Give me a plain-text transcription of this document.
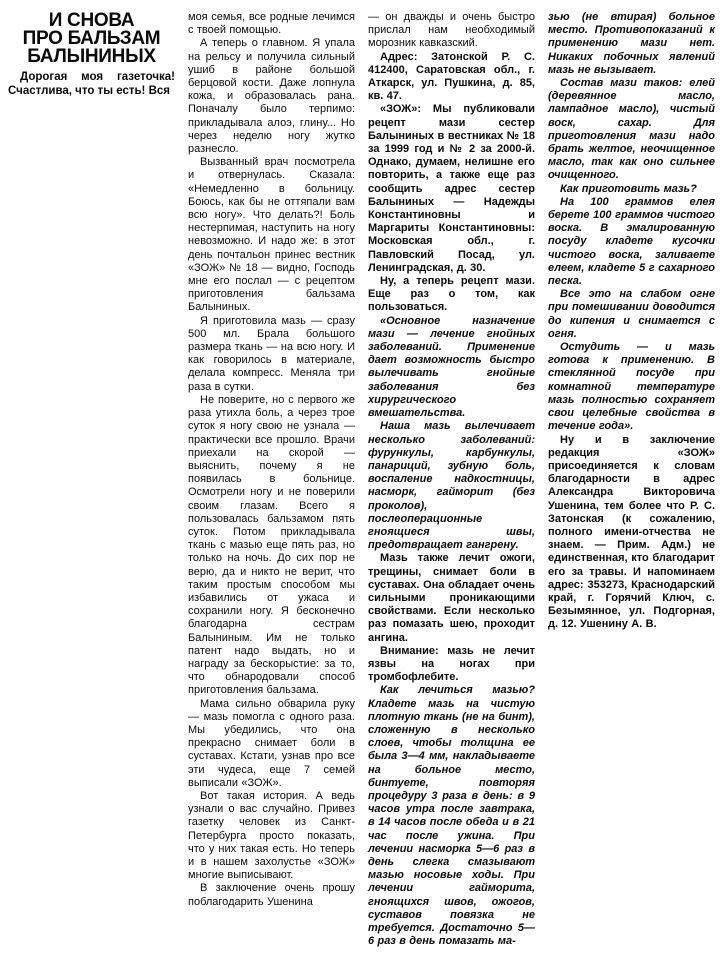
И СНОВА
ПРО БАЛЬЗАМ
БАЛЫНИНЫХ

Дорогая моя газеточка! Счастлива, что ты есть! Вся

моя семья, все родные лечимся с твоей помощью.

А теперь о главном. Я упала на рельсу и получила сильный ушиб в районе большой берцовой кости. Даже лопнула кожа, и образовалась рана. Поначалу было терпимо: прикладывала алоэ, глину... Но через неделю ногу жутко разнесло.

Вызванный врач посмотрела и отвернулась. Сказала: «Немедленно в больницу. Боюсь, как бы не оттяпали вам всю ногу». Что делать?! Боль нестерпимая, наступить на ногу невозможно. И надо же: в этот день почтальон принес вестник «ЗОЖ» № 18 — видно, Господь мне его послал — с рецептом приготовления бальзама Балыниных.

Я приготовила мазь — сразу 500 мл. Брала большого размера ткань — на всю ногу. И как говорилось в материале, делала компресс. Меняла три раза в сутки.

Не поверите, но с первого же раза утихла боль, а через трое суток я ногу свою не узнала — практически все прошло. Врачи приехали на скорой — выяснить, почему я не появилась в больнице. Осмотрели ногу и не поверили своим глазам. Всего я пользовалась бальзамом пять суток. Потом прикладывала ткань с мазью еще пять раз, но только на ночь. До сих пор не верю, да и никто не верит, что таким простым способом мы избавились от ужаса и сохранили ногу. Я бесконечно благодарна сестрам Балыниным. Им не только патент надо выдать, но и награду за бескорыстие: за то, что обнародовали способ приготовления бальзама.

Мама сильно обварила руку — мазь помогла с одного раза. Мы убедились, что она прекрасно снимает боли в суставах. Кстати, узнав про все эти чудеса, еще 7 семей выписали «ЗОЖ».

Вот такая история. А ведь узнали о вас случайно. Привез газетку человек из Санкт-Петербурга просто показать, что у них такая есть. Но теперь и в нашем захолустье «ЗОЖ» многие выписывают.

В заключение очень прошу поблагодарить Ушенина

— он дважды и очень быстро прислал нам необходимый морозник кавказский.

Адрес: Затонской Р. С. 412400, Саратовская обл., г. Аткарск, ул. Пушкина, д. 85, кв. 47.

«ЗОЖ»: Мы публиковали рецепт мази сестер Балыниных в вестниках № 18 за 1999 год и № 2 за 2000-й. Однако, думаем, нелишне его повторить, а также еще раз сообщить адрес сестер Балыниных — Надежды Константиновны и Маргариты Константиновны: Московская обл., г. Павловский Посад, ул. Ленинградская, д. 30.

Ну, а теперь рецепт мази. Еще раз о том, как пользоваться.

«Основное назначение мази — лечение гнойных заболеваний. Применение дает возможность быстро вылечивать гнойные заболевания без хирургического вмешательства.

Наша мазь вылечивает несколько заболеваний: фурункулы, карбункулы, панариций, зубную боль, воспаление надкостницы, насморк, гайморит (без проколов), послеоперационные гноящиеся швы, предотвращает гангрену.

Мазь также лечит ожоги, трещины, снимает боли в суставах. Она обладает очень сильными проникающими свойствами. Если несколько раз помазать шею, проходит ангина.

Внимание: мазь не лечит язвы на ногах при тромбофлебите.

Как лечиться мазью? Кладете мазь на чистую плотную ткань (не на бинт), сложенную в несколько слоев, чтобы толщина ее была 3—4 мм, накладываете на больное место, бинтуете, повторяя процедуру 3 раза в день: в 9 часов утра после завтрака, в 14 часов после обеда и в 21 час после ужина. При лечении насморка 5—6 раз в день слегка смазывают мазью носовые ходы. При лечении гайморита, гноящихся швов, ожогов, суставов повязка не требуется. Достаточно 5—6 раз в день помазать ма-

зью (не втирая) больное место. Противопоказаний к применению мази нет. Никаких побочных явлений мазь не вызывает.

Состав мази таков: елей (деревянное масло, лампадное масло), чистый воск, сахар. Для приготовления мази надо брать желтое, неочищенное масло, так как оно сильнее очищенного.

Как приготовить мазь?

На 100 граммов елея берете 100 граммов чистого воска. В эмалированную посуду кладете кусочки чистого воска, заливаете елеем, кладете 5 г сахарного песка.

Все это на слабом огне при помешивании доводится до кипения и снимается с огня.

Остудить — и мазь готова к применению. В стеклянной посуде при комнатной температуре мазь полностью сохраняет свои целебные свойства в течение года».

Ну и в заключение редакция «ЗОЖ» присоединяется к словам благодарности в адрес Александра Викторовича Ушенина, тем более что Р. С. Затонская (к сожалению, полного имени-отчества не знаем. — Прим. Адм.) не единственная, кто благодарит его за травы. И напоминаем адрес: 353273, Краснодарский край, г. Горячий Ключ, с. Безымянное, ул. Подгорная, д. 12. Ушенину А. В.
